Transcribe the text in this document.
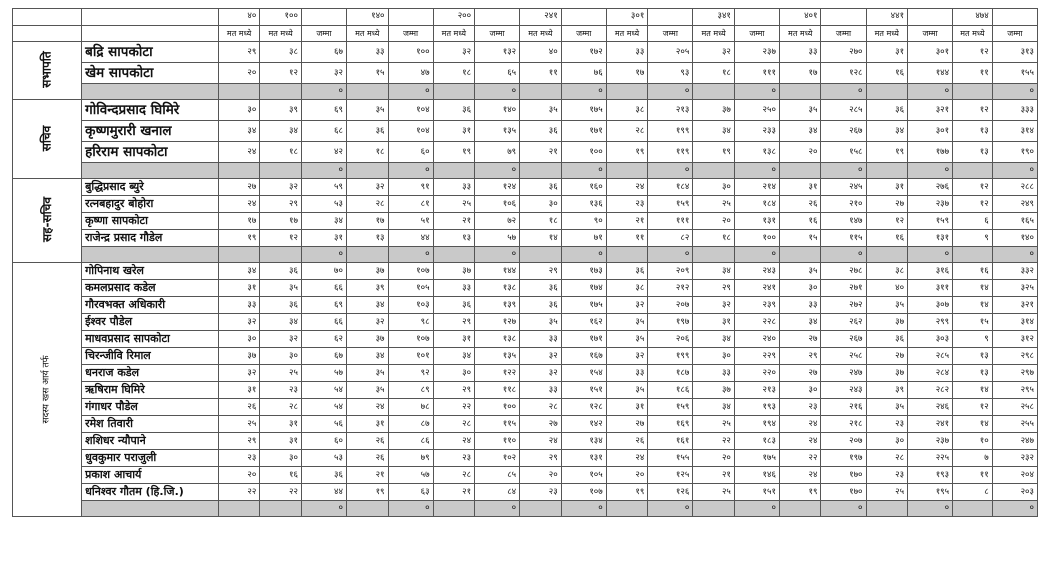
		४०	१००		१४०		२००		२४१		३०१		३४१		४०१		४४१		४७४	
		मत मध्ये	मत मध्ये	जम्मा	मत मध्ये	जम्मा	मत मध्ये	जम्मा	मत मध्ये	जम्मा	मत मध्ये	जम्मा	मत मध्ये	जम्मा	मत मध्ये	जम्मा	मत मध्ये	जम्मा	मत मध्ये	जम्मा
सभापति	बद्रि सापकोटा	२९	३८	६७	३३	१००	३२	१३२	४०	१७२	३३	२०५	३२	२३७	३३	२७०	३१	३०१	१२	३१३
	खेम सापकोटा	२०	१२	३२	१५	४७	१८	६५	११	७६	१७	९३	१८	१११	१७	१२८	१६	१४४	११	१५५
				०		०		०		०		०		०		०		०		०
सचिव	गोविन्दप्रसाद घिमिरे	३०	३९	६९	३५	१०४	३६	१४०	३५	१७५	३८	२१३	३७	२५०	३५	२८५	३६	३२१	१२	३३३
	कृष्णमुरारी खनाल	३४	३४	६८	३६	१०४	३१	१३५	३६	१७१	२८	१९९	३४	२३३	३४	२६७	३४	३०१	१३	३१४
	हरिराम सापकोटा	२४	१८	४२	१८	६०	१९	७९	२१	१००	१९	११९	१९	१३८	२०	१५८	१९	१७७	१३	१९०
				०		०		०		०		०		०		०		०		०
सह-सचिव	बुद्धिप्रसाद ब्युरे	२७	३२	५९	३२	९१	३३	१२४	३६	१६०	२४	१८४	३०	२१४	३१	२४५	३१	२७६	१२	२८८
	रत्नबहादुर बोहोरा	२४	२९	५३	२८	८१	२५	१०६	३०	१३६	२३	१५९	२५	१८४	२६	२१०	२७	२३७	१२	२४९
	कृष्णा सापकोटा	१७	१७	३४	१७	५१	२१	७२	१८	९०	२१	१११	२०	१३१	१६	१४७	१२	१५९	६	१६५
	राजेन्द्र प्रसाद गौडेल	१९	१२	३१	१३	४४	१३	५७	१४	७१	११	८२	१८	१००	१५	११५	१६	१३१	९	१४०
				०		०		०		०		०		०		०		०		०
सदस्य खस आर्य तर्फ	गोपिनाथ खरेल	३४	३६	७०	३७	१०७	३७	१४४	२९	१७३	३६	२०९	३४	२४३	३५	२७८	३८	३१६	१६	३३२
	कमलप्रसाद कडेल	३१	३५	६६	३९	१०५	३३	१३८	३६	१७४	३८	२१२	२९	२४१	३०	२७१	४०	३११	१४	३२५
	गौरवभक्त अधिकारी	३३	३६	६९	३४	१०३	३६	१३९	३६	१७५	३२	२०७	३२	२३९	३३	२७२	३५	३०७	१४	३२१
	ईश्वर पौडेल	३२	३४	६६	३२	९८	२९	१२७	३५	१६२	३५	१९७	३१	२२८	३४	२६२	३७	२९९	१५	३१४
	माधवप्रसाद सापकोटा	३०	३२	६२	३७	१०७	३१	१३८	३३	१७१	३५	२०६	३४	२४०	२७	२६७	३६	३०३	९	३१२
	चिरन्जीवि रिमाल	३७	३०	६७	३४	१०१	३४	१३५	३२	१६७	३२	१९९	३०	२२९	२९	२५८	२७	२८५	१३	२९८
	धनराज कडेल	३२	२५	५७	३५	९२	३०	१२२	३२	१५४	३३	१८७	३३	२२०	२७	२४७	३७	२८४	१३	२९७
	ऋषिराम घिमिरे	३१	२३	५४	३५	८९	२९	११८	३३	१५१	३५	१८६	३७	२१३	३०	२४३	३९	२८२	१४	२९५
	गंगाधर पौडेल	२६	२८	५४	२४	७८	२२	१००	२८	१२८	३१	१५९	३४	१९३	२३	२१६	३५	२४६	१२	२५८
	रमेश तिवारी	२५	३१	५६	३१	८७	२८	११५	२७	१४२	२७	१६९	२५	१९४	२४	२१८	२३	२४१	१४	२५५
	शशिधर न्यौपाने	२९	३१	६०	२६	८६	२४	११०	२४	१३४	२६	१६१	२२	१८३	२४	२०७	३०	२३७	१०	२४७
	धुवकुमार पराजुली	२३	३०	५३	२६	७९	२३	१०२	२९	१३१	२४	१५५	२०	१७५	२२	१९७	२८	२२५	७	२३२
	प्रकाश आचार्य	२०	१६	३६	२१	५७	२८	८५	२०	१०५	२०	१२५	२१	१४६	२४	१७०	२३	१९३	११	२०४
	धनिश्वर गौतम (हि.जि.)	२२	२२	४४	१९	६३	२१	८४	२३	१०७	१९	१२६	२५	१५१	१९	१७०	२५	१९५	८	२०३
				०		०		०		०		०		०		०		०		०
